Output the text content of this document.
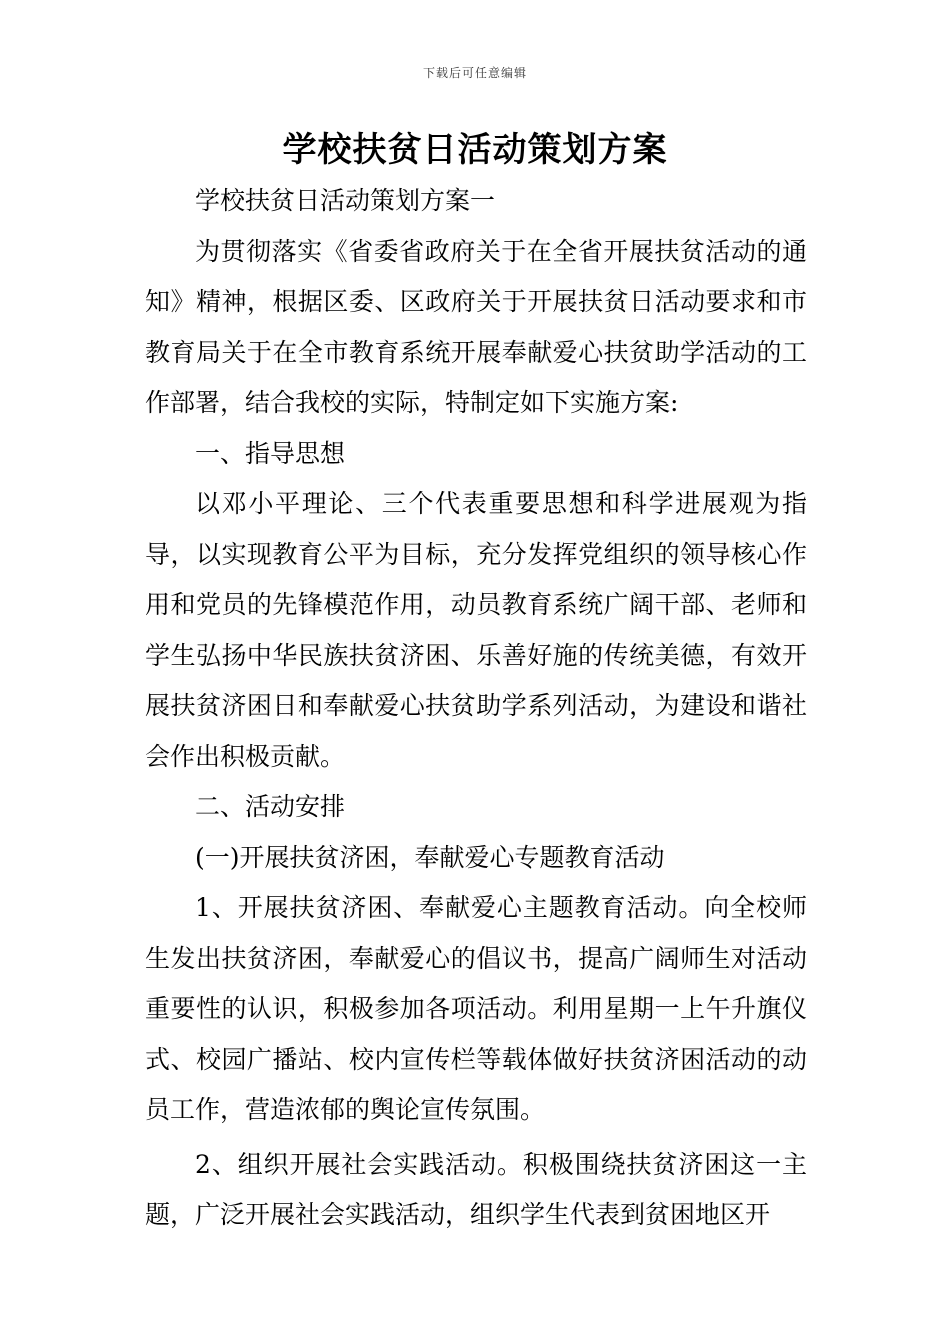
下载后可任意编辑
学校扶贫日活动策划方案

学校扶贫日活动策划方案一

为贯彻落实《省委省政府关于在全省开展扶贫活动的通知》精神，根据区委、区政府关于开展扶贫日活动要求和市教育局关于在全市教育系统开展奉献爱心扶贫助学活动的工作部署，结合我校的实际，特制定如下实施方案:

一、指导思想

以邓小平理论、三个代表重要思想和科学进展观为指导，以实现教育公平为目标，充分发挥党组织的领导核心作用和党员的先锋模范作用，动员教育系统广阔干部、老师和学生弘扬中华民族扶贫济困、乐善好施的传统美德，有效开展扶贫济困日和奉献爱心扶贫助学系列活动，为建设和谐社会作出积极贡献。

二、活动安排

(一)开展扶贫济困，奉献爱心专题教育活动

1、开展扶贫济困、奉献爱心主题教育活动。向全校师生发出扶贫济困，奉献爱心的倡议书，提高广阔师生对活动重要性的认识，积极参加各项活动。利用星期一上午升旗仪式、校园广播站、校内宣传栏等载体做好扶贫济困活动的动员工作，营造浓郁的舆论宣传氛围。

2、组织开展社会实践活动。积极围绕扶贫济困这一主题，广泛开展社会实践活动，组织学生代表到贫困地区开
